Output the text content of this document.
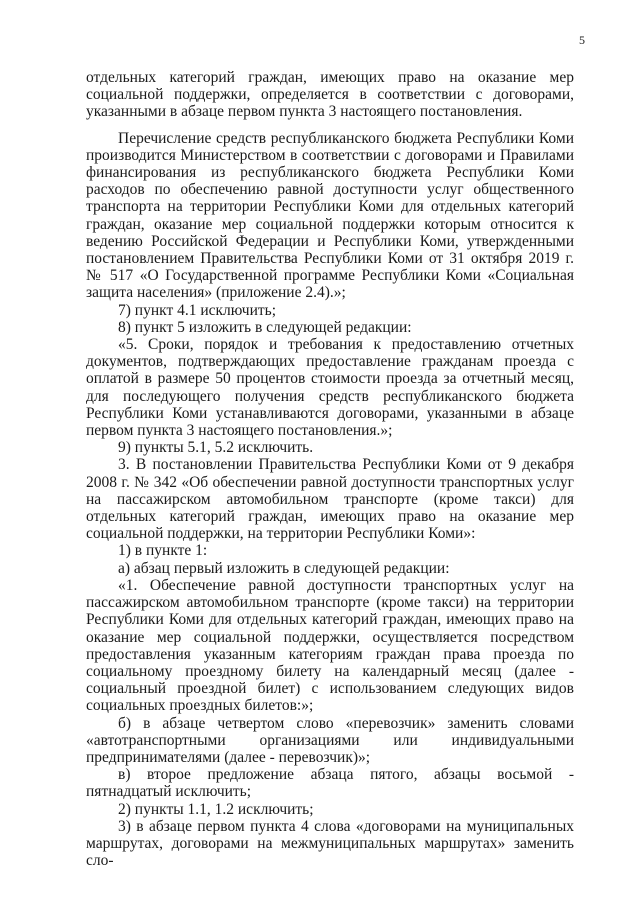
5

отдельных категорий граждан, имеющих право на оказание мер социальной поддержки, определяется в соответствии с договорами, указанными в абзаце первом пункта 3 настоящего постановления.

Перечисление средств республиканского бюджета Республики Коми производится Министерством в соответствии с договорами и Правилами финансирования из республиканского бюджета Республики Коми расходов по обеспечению равной доступности услуг общественного транспорта на территории Республики Коми для отдельных категорий граждан, оказание мер социальной поддержки которым относится к ведению Российской Федерации и Республики Коми, утвержденными постановлением Правительства Республики Коми от 31 октября 2019 г. № 517 «О Государственной программе Республики Коми «Социальная защита населения» (приложение 2.4).»;

7) пункт 4.1 исключить;

8) пункт 5 изложить в следующей редакции:

«5. Сроки, порядок и требования к предоставлению отчетных документов, подтверждающих предоставление гражданам проезда с оплатой в размере 50 процентов стоимости проезда за отчетный месяц, для последующего получения средств республиканского бюджета Республики Коми устанавливаются договорами, указанными в абзаце первом пункта 3 настоящего постановления.»;

9) пункты 5.1, 5.2 исключить.

3. В постановлении Правительства Республики Коми от 9 декабря 2008 г. № 342 «Об обеспечении равной доступности транспортных услуг на пассажирском автомобильном транспорте (кроме такси) для отдельных категорий граждан, имеющих право на оказание мер социальной поддержки, на территории Республики Коми»:

1) в пункте 1:

а) абзац первый изложить в следующей редакции:

«1. Обеспечение равной доступности транспортных услуг на пассажирском автомобильном транспорте (кроме такси) на территории Республики Коми для отдельных категорий граждан, имеющих право на оказание мер социальной поддержки, осуществляется посредством предоставления указанным категориям граждан права проезда по социальному проездному билету на календарный месяц (далее - социальный проездной билет) с использованием следующих видов социальных проездных билетов:»;

б) в абзаце четвертом слово «перевозчик» заменить словами «автотранспортными организациями или индивидуальными предпринимателями (далее - перевозчик)»;

в) второе предложение абзаца пятого, абзацы восьмой - пятнадцатый исключить;

2) пункты 1.1, 1.2 исключить;

3) в абзаце первом пункта 4 слова «договорами на муниципальных маршрутах, договорами на межмуниципальных маршрутах» заменить сло-
